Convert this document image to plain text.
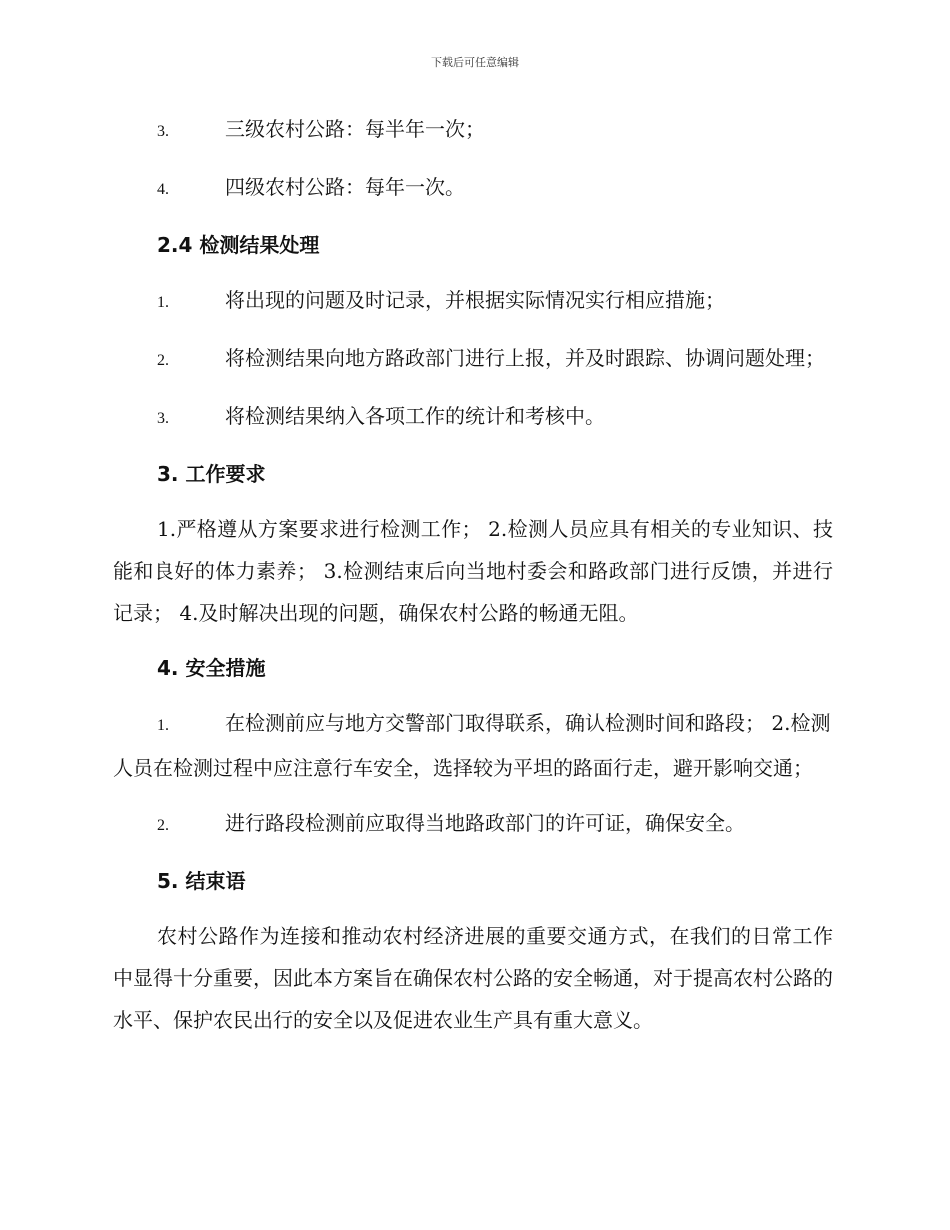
下载后可任意编辑
3.	三级农村公路：每半年一次；
4.	四级农村公路：每年一次。
2.4 检测结果处理
1.	将出现的问题及时记录，并根据实际情况实行相应措施；
2.	将检测结果向地方路政部门进行上报，并及时跟踪、协调问题处理；
3.	将检测结果纳入各项工作的统计和考核中。
3. 工作要求
1.严格遵从方案要求进行检测工作； 2.检测人员应具有相关的专业知识、技能和良好的体力素养； 3.检测结束后向当地村委会和路政部门进行反馈，并进行记录； 4.及时解决出现的问题，确保农村公路的畅通无阻。
4. 安全措施
1.	在检测前应与地方交警部门取得联系，确认检测时间和路段； 2.检测人员在检测过程中应注意行车安全，选择较为平坦的路面行走，避开影响交通；
2.	进行路段检测前应取得当地路政部门的许可证，确保安全。
5. 结束语
农村公路作为连接和推动农村经济进展的重要交通方式，在我们的日常工作中显得十分重要，因此本方案旨在确保农村公路的安全畅通，对于提高农村公路的水平、保护农民出行的安全以及促进农业生产具有重大意义。
